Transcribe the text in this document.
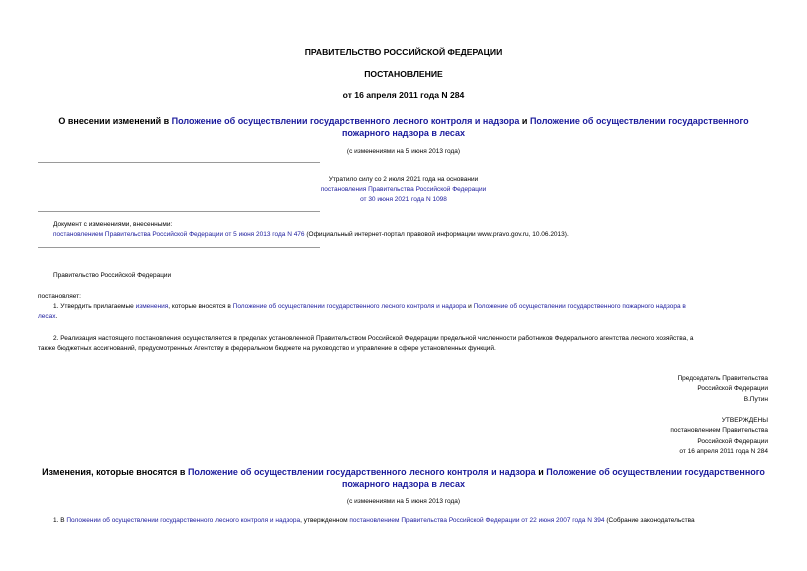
ПРАВИТЕЛЬСТВО РОССИЙСКОЙ ФЕДЕРАЦИИ
ПОСТАНОВЛЕНИЕ
от 16 апреля 2011 года N 284
О внесении изменений в Положение об осуществлении государственного лесного контроля и надзора и Положение об осуществлении государственного
пожарного надзора в лесах
(с изменениями на 5 июня 2013 года)
Утратило силу со 2 июля 2021 года на основании
постановления Правительства Российской Федерации
от 30 июня 2021 года N 1098
Документ с изменениями, внесенными:
постановлением Правительства Российской Федерации от 5 июня 2013 года N 476 (Официальный интернет-портал правовой информации www.pravo.gov.ru, 10.06.2013).
Правительство Российской Федерации
постановляет:
1. Утвердить прилагаемые изменения, которые вносятся в Положение об осуществлении государственного лесного контроля и надзора и Положение об осуществлении государственного пожарного надзора в
лесах.
2. Реализация настоящего постановления осуществляется в пределах установленной Правительством Российской Федерации предельной численности работников Федерального агентства лесного хозяйства, а
также бюджетных ассигнований, предусмотренных Агентству в федеральном бюджете на руководство и управление в сфере установленных функций.
Председатель Правительства
Российской Федерации
В.Путин
УТВЕРЖДЕНЫ
постановлением Правительства
Российской Федерации
от 16 апреля 2011 года N 284
Изменения, которые вносятся в Положение об осуществлении государственного лесного контроля и надзора и Положение об осуществлении государственного
пожарного надзора в лесах
(с изменениями на 5 июня 2013 года)
1. В Положении об осуществлении государственного лесного контроля и надзора, утвержденном постановлением Правительства Российской Федерации от 22 июня 2007 года N 394 (Собрание законодательства
